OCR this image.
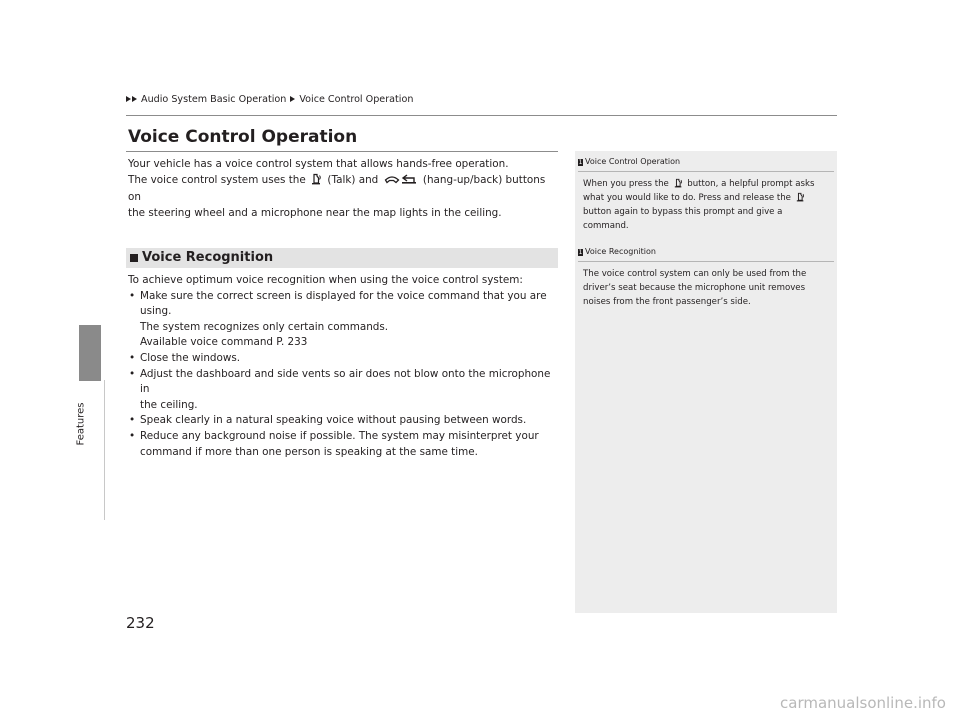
Audio System Basic Operation Voice Control Operation
Features
Voice Control Operation

Your vehicle has a voice control system that allows hands-free operation.

The voice control system uses the (Talk) and	(hang-up/back) buttons on

the steering wheel and a microphone near the map lights in the ceiling.

Voice Recognition

To achieve optimum voice recognition when using the voice control system:

• Make sure the correct screen is displayed for the voice command that you are
using.
The system recognizes only certain commands.
Available voice command P. 233
• Close the windows.
• Adjust the dashboard and side vents so air does not blow onto the microphone in
the ceiling.
• Speak clearly in a natural speaking voice without pausing between words.
• Reduce any background noise if possible. The system may misinterpret your
command if more than one person is speaking at the same time.
1 Voice Control Operation

When you press the button, a helpful prompt asks

what you would like to do. Press and release the

button again to bypass this prompt and give a

command.

1 Voice Recognition

The voice control system can only be used from the

driver’s seat because the microphone unit removes

noises from the front passenger’s side.

232
carmanualsonline.info
